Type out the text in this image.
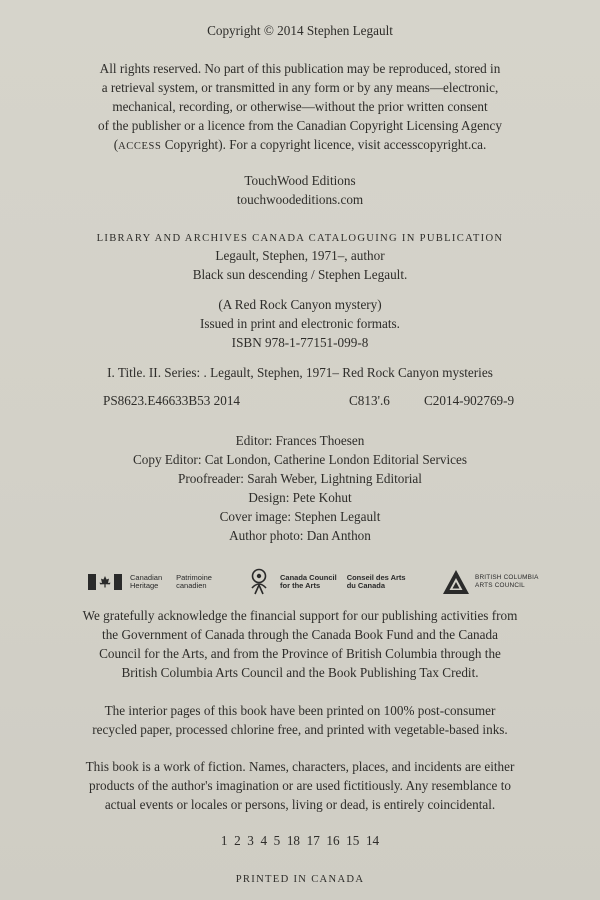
Copyright © 2014 Stephen Legault
All rights reserved. No part of this publication may be reproduced, stored in
a retrieval system, or transmitted in any form or by any means—electronic,
mechanical, recording, or otherwise—without the prior written consent
of the publisher or a licence from the Canadian Copyright Licensing Agency
(ACCESS Copyright). For a copyright licence, visit accesscopyright.ca.
TouchWood Editions
touchwoodeditions.com
LIBRARY AND ARCHIVES CANADA CATALOGUING IN PUBLICATION
Legault, Stephen, 1971–, author
Black sun descending / Stephen Legault.
(A Red Rock Canyon mystery)
Issued in print and electronic formats.
ISBN 978-1-77151-099-8
I. Title. II. Series: . Legault, Stephen, 1971– Red Rock Canyon mysteries
PS8623.E46633B53 2014	C813'.6	C2014-902769-9
Editor: Frances Thoesen
Copy Editor: Cat London, Catherine London Editorial Services
Proofreader: Sarah Weber, Lightning Editorial
Design: Pete Kohut
Cover image: Stephen Legault
Author photo: Dan Anthon
Canadian
Heritage
Patrimoine
canadien
Canada Council
for the Arts
Conseil des Arts
du Canada
BRITISH COLUMBIA
ARTS COUNCIL
We gratefully acknowledge the financial support for our publishing activities from
the Government of Canada through the Canada Book Fund and the Canada
Council for the Arts, and from the Province of British Columbia through the
British Columbia Arts Council and the Book Publishing Tax Credit.
The interior pages of this book have been printed on 100% post-consumer
recycled paper, processed chlorine free, and printed with vegetable-based inks.
This book is a work of fiction. Names, characters, places, and incidents are either
products of the author's imagination or are used fictitiously. Any resemblance to
actual events or locales or persons, living or dead, is entirely coincidental.
1  2  3  4  5  18  17  16  15  14
PRINTED IN CANADA
